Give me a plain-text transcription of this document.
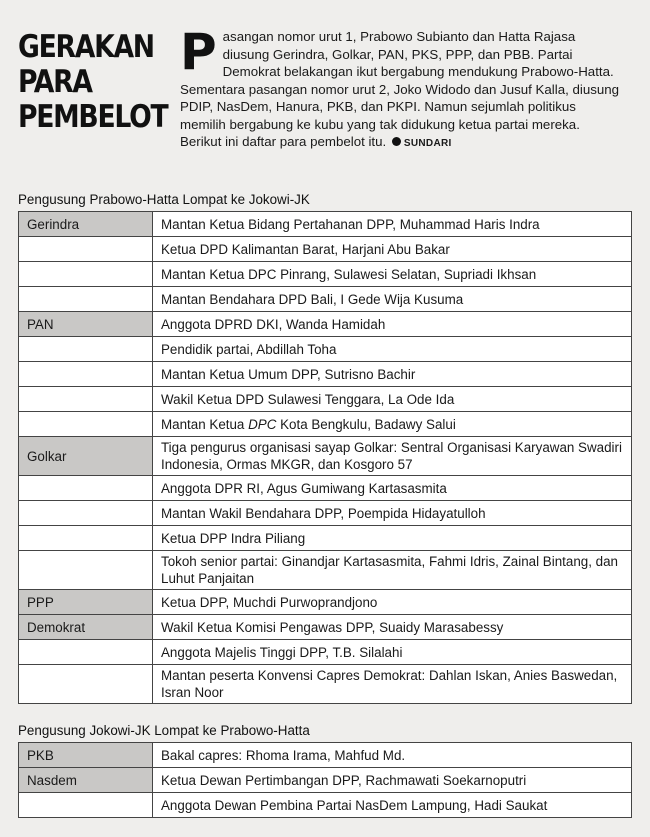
GERAKAN
PARA
PEMBELOT
Pasangan nomor urut 1, Prabowo Subianto dan Hatta Rajasa diusung Gerindra, Golkar, PAN, PKS, PPP, dan PBB. Partai Demokrat belakangan ikut bergabung mendukung Prabowo-Hatta. Sementara pasangan nomor urut 2, Joko Widodo dan Jusuf Kalla, diusung PDIP, NasDem, Hanura, PKB, dan PKPI. Namun sejumlah politikus memilih bergabung ke kubu yang tak didukung ketua partai mereka. Berikut ini daftar para pembelot itu. SUNDARI
Pengusung Prabowo-Hatta Lompat ke Jokowi-JK
Gerindra	Mantan Ketua Bidang Pertahanan DPP, Muhammad Haris Indra
	Ketua DPD Kalimantan Barat, Harjani Abu Bakar
	Mantan Ketua DPC Pinrang, Sulawesi Selatan, Supriadi Ikhsan
	Mantan Bendahara DPD Bali, I Gede Wija Kusuma
PAN	Anggota DPRD DKI, Wanda Hamidah
	Pendidik partai, Abdillah Toha
	Mantan Ketua Umum DPP, Sutrisno Bachir
	Wakil Ketua DPD Sulawesi Tenggara, La Ode Ida
	Mantan Ketua DPC Kota Bengkulu, Badawy Salui
Golkar	Tiga pengurus organisasi sayap Golkar: Sentral Organisasi Karyawan Swadiri Indonesia, Ormas MKGR, dan Kosgoro 57
	Anggota DPR RI, Agus Gumiwang Kartasasmita
	Mantan Wakil Bendahara DPP, Poempida Hidayatulloh
	Ketua DPP Indra Piliang
	Tokoh senior partai: Ginandjar Kartasasmita, Fahmi Idris, Zainal Bintang, dan Luhut Panjaitan
PPP	Ketua DPP, Muchdi Purwoprandjono
Demokrat	Wakil Ketua Komisi Pengawas DPP, Suaidy Marasabessy
	Anggota Majelis Tinggi DPP, T.B. Silalahi
	Mantan peserta Konvensi Capres Demokrat: Dahlan Iskan, Anies Baswedan, Isran Noor
Pengusung Jokowi-JK Lompat ke Prabowo-Hatta
PKB	Bakal capres: Rhoma Irama, Mahfud Md.
Nasdem	Ketua Dewan Pertimbangan DPP, Rachmawati Soekarnoputri
	Anggota Dewan Pembina Partai NasDem Lampung, Hadi Saukat
